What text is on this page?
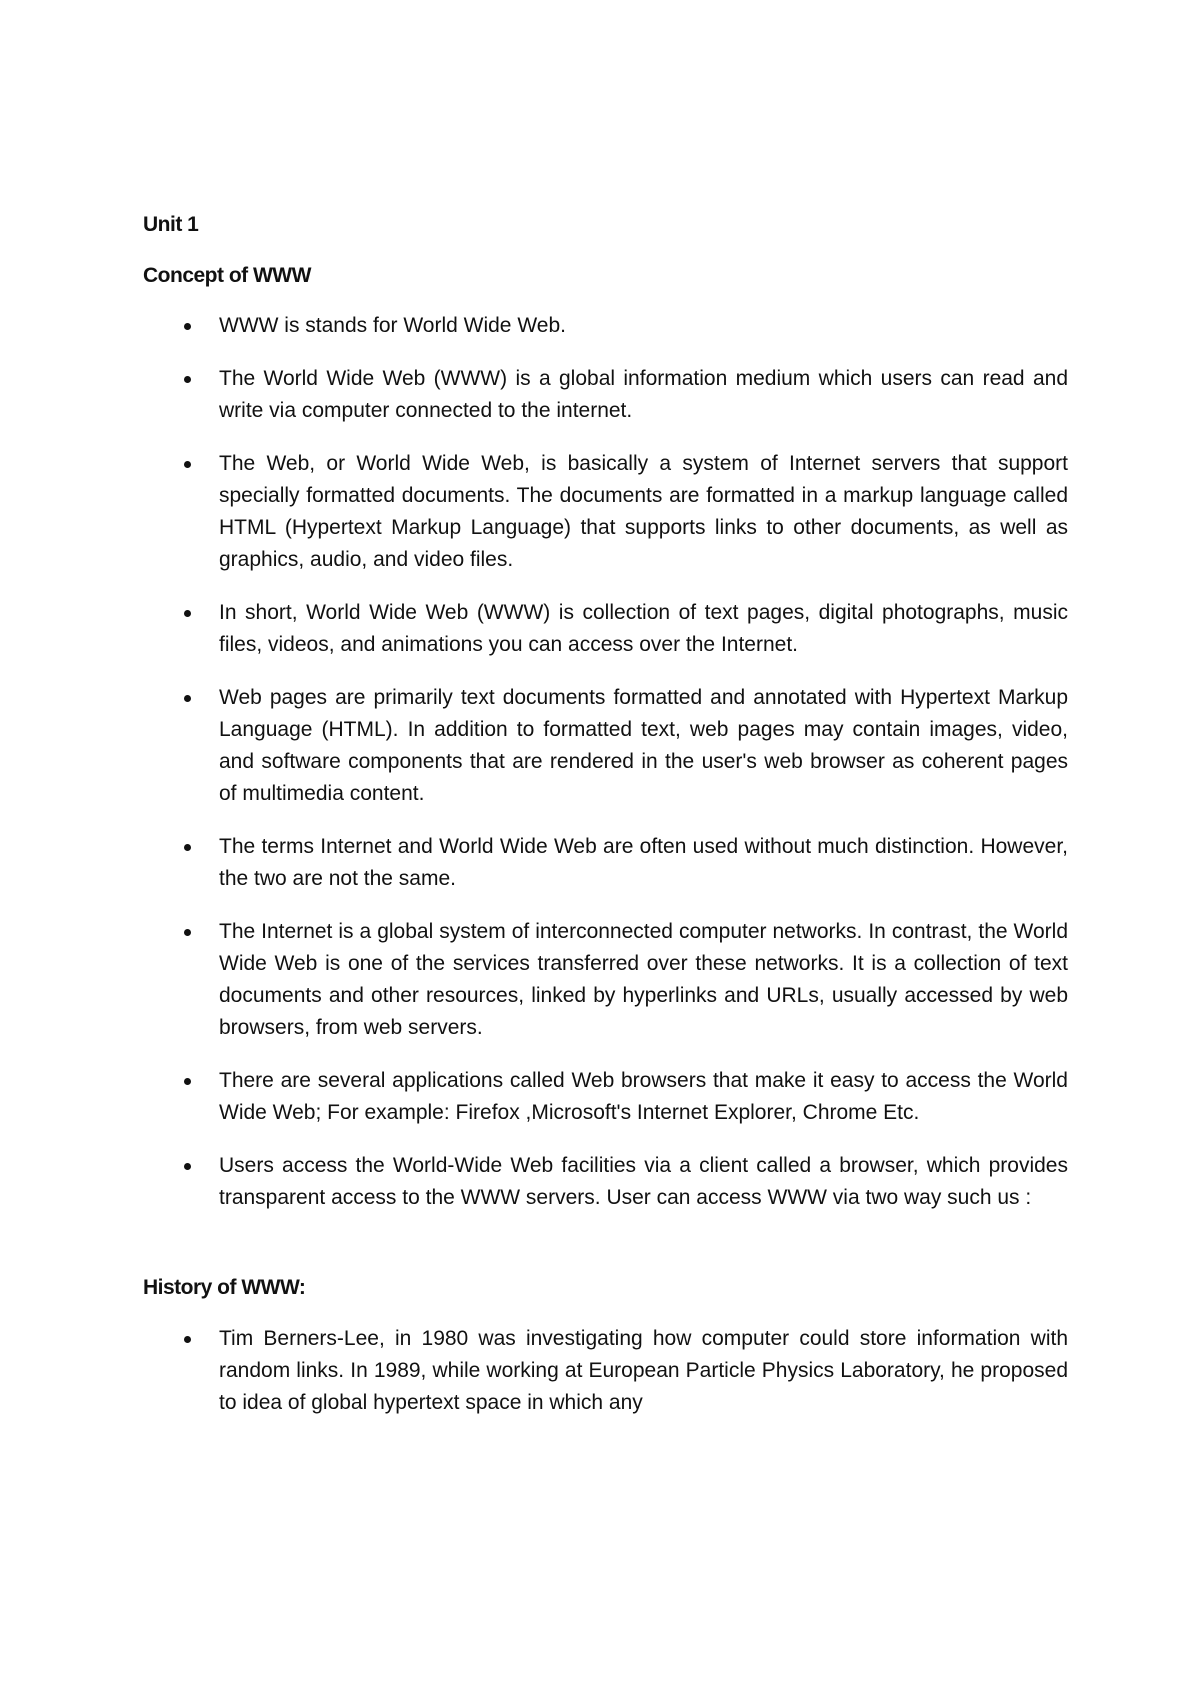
Unit 1
Concept of WWW
WWW is stands for World Wide Web.
The World Wide Web (WWW) is a global information medium which users can read and write via computer connected to the internet.
The Web, or World Wide Web, is basically a system of Internet servers that support specially formatted documents. The documents are formatted in a markup language called HTML (Hypertext Markup Language) that supports links to other documents, as well as graphics, audio, and video files.
In short, World Wide Web (WWW) is collection of text pages, digital photographs, music files, videos, and animations you can access over the Internet.
Web pages are primarily text documents formatted and annotated with Hypertext Markup Language (HTML). In addition to formatted text, web pages may contain images, video, and software components that are rendered in the user's web browser as coherent pages of multimedia content.
The terms Internet and World Wide Web are often used without much distinction. However, the two are not the same.
The Internet is a global system of interconnected computer networks. In contrast, the World Wide Web is one of the services transferred over these networks. It is a collection of text documents and other resources, linked by hyperlinks and URLs, usually accessed by web browsers, from web servers.
There are several applications called Web browsers that make it easy to access the World Wide Web; For example: Firefox ,Microsoft's Internet Explorer, Chrome Etc.
Users access the World-Wide Web facilities via a client called a browser, which provides transparent access to the WWW servers. User can access WWW via two way such us :
History of WWW:
Tim Berners-Lee, in 1980 was investigating how computer could store information with random links. In 1989, while working at European Particle Physics Laboratory, he proposed to idea of global hypertext space in which any
